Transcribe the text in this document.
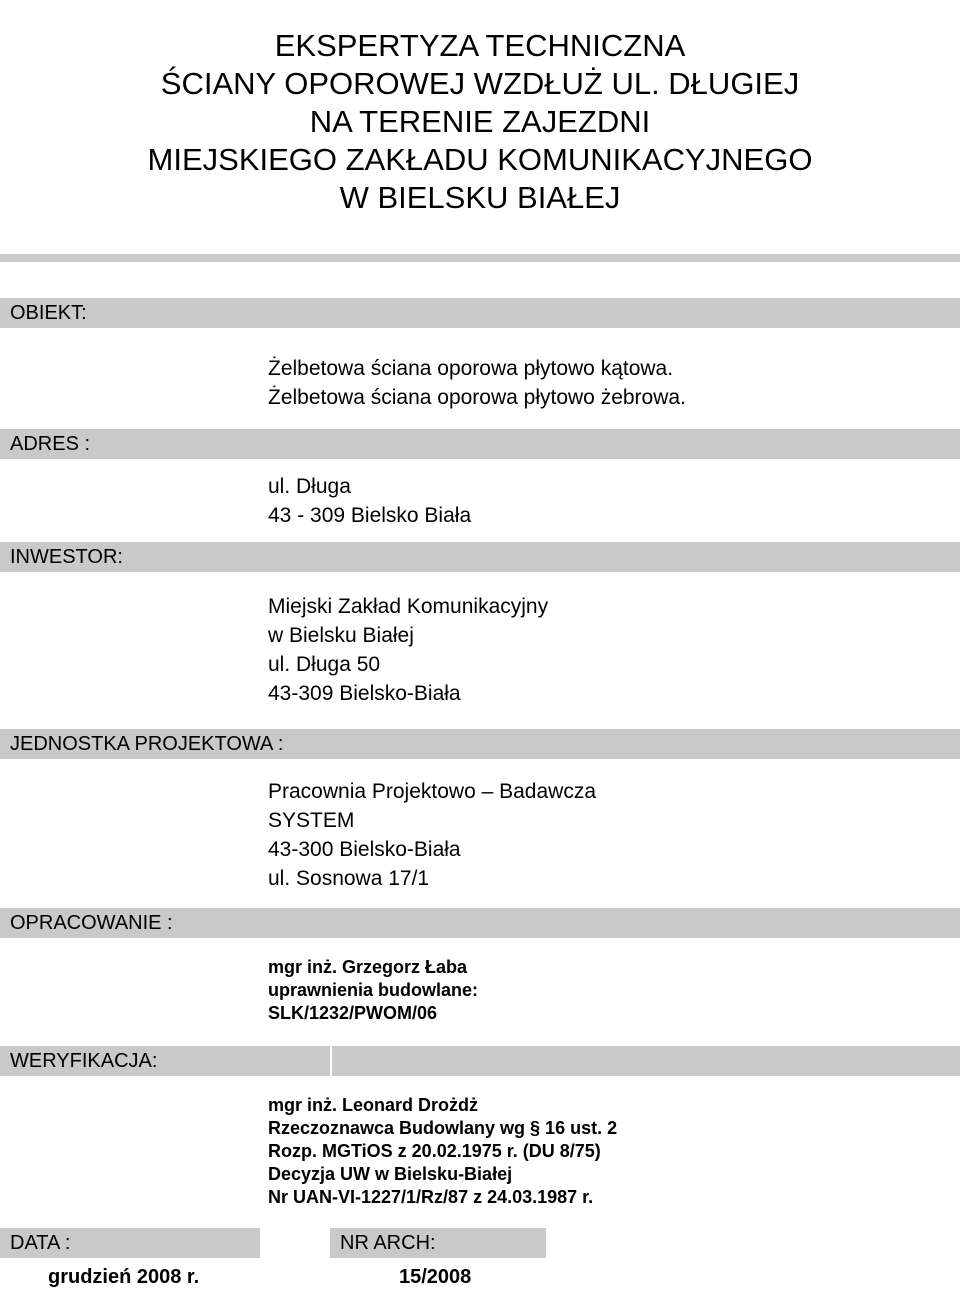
EKSPERTYZA TECHNICZNA
ŚCIANY OPOROWEJ WZDŁUŻ UL. DŁUGIEJ
NA TERENIE ZAJEZDNI
MIEJSKIEGO ZAKŁADU KOMUNIKACYJNEGO
W BIELSKU BIAŁEJ
OBIEKT:
Żelbetowa ściana oporowa płytowo kątowa.
Żelbetowa ściana oporowa płytowo żebrowa.
ADRES :
ul. Długa
43 - 309 Bielsko Biała
INWESTOR:
Miejski Zakład Komunikacyjny
w Bielsku Białej
ul. Długa 50
43-309 Bielsko-Biała
JEDNOSTKA PROJEKTOWA :
Pracownia Projektowo – Badawcza
SYSTEM
43-300 Bielsko-Biała
ul. Sosnowa 17/1
OPRACOWANIE :
mgr inż. Grzegorz Łaba
uprawnienia budowlane:
SLK/1232/PWOM/06
WERYFIKACJA:
mgr inż. Leonard Drożdż
Rzeczoznawca Budowlany wg § 16 ust. 2
Rozp. MGTiOS z 20.02.1975 r. (DU 8/75)
Decyzja UW w Bielsku-Białej
Nr UAN-VI-1227/1/Rz/87 z 24.03.1987 r.
DATA :	NR ARCH:
grudzień 2008 r.	15/2008
